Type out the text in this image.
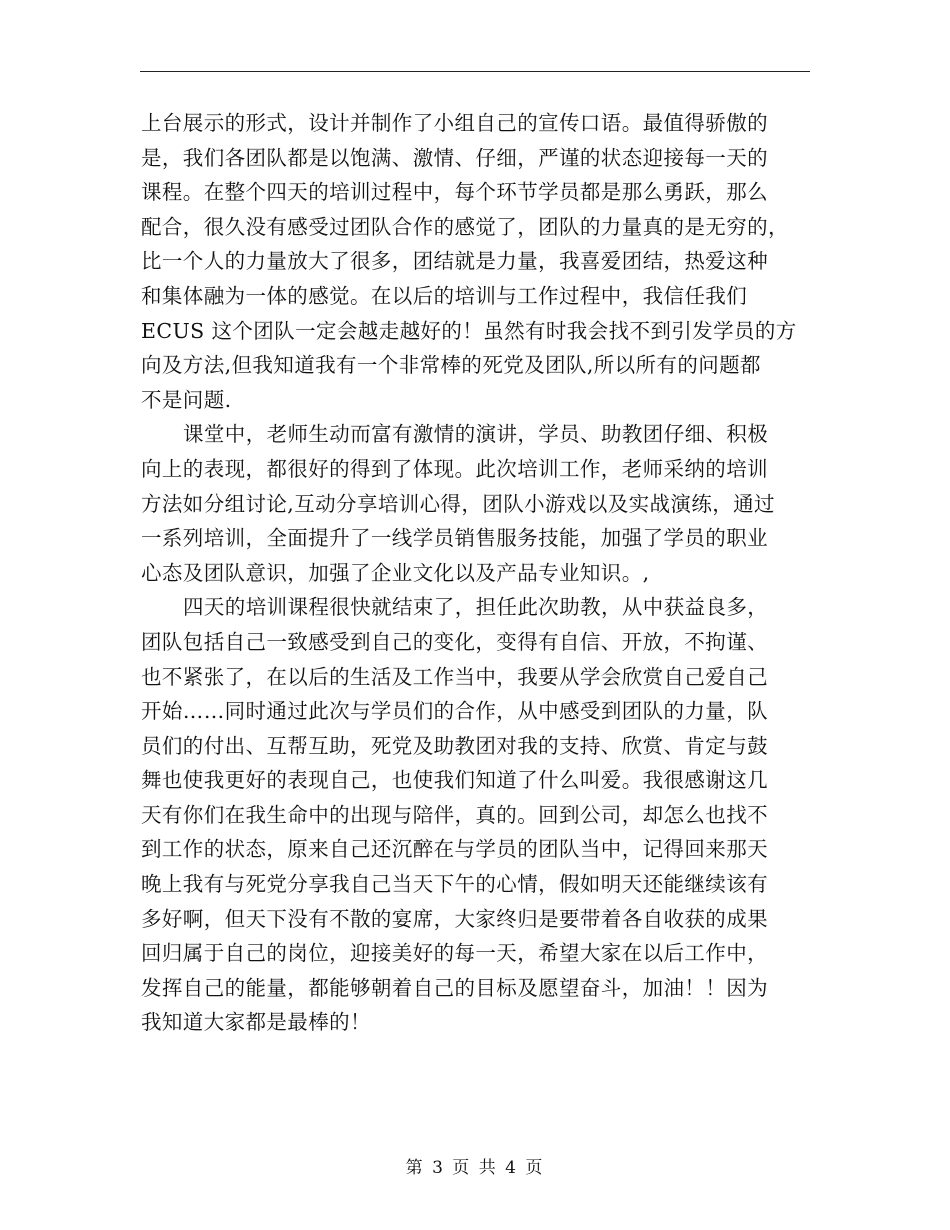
上台展示的形式，设计并制作了小组自己的宣传口语。最值得骄傲的
是，我们各团队都是以饱满、激情、仔细，严谨的状态迎接每一天的
课程。在整个四天的培训过程中，每个环节学员都是那么勇跃，那么
配合，很久没有感受过团队合作的感觉了，团队的力量真的是无穷的，
比一个人的力量放大了很多，团结就是力量，我喜爱团结，热爱这种
和集体融为一体的感觉。在以后的培训与工作过程中，我信任我们
ECUS 这个团队一定会越走越好的！虽然有时我会找不到引发学员的方
向及方法,但我知道我有一个非常棒的死党及团队,所以所有的问题都
不是问题.
课堂中，老师生动而富有激情的演讲，学员、助教团仔细、积极
向上的表现，都很好的得到了体现。此次培训工作，老师采纳的培训
方法如分组讨论,互动分享培训心得，团队小游戏以及实战演练，通过
一系列培训，全面提升了一线学员销售服务技能，加强了学员的职业
心态及团队意识，加强了企业文化以及产品专业知识。,
四天的培训课程很快就结束了，担任此次助教，从中获益良多，
团队包括自己一致感受到自己的变化，变得有自信、开放，不拘谨、
也不紧张了，在以后的生活及工作当中，我要从学会欣赏自己爱自己
开始……同时通过此次与学员们的合作，从中感受到团队的力量，队
员们的付出、互帮互助，死党及助教团对我的支持、欣赏、肯定与鼓
舞也使我更好的表现自己，也使我们知道了什么叫爱。我很感谢这几
天有你们在我生命中的出现与陪伴，真的。回到公司，却怎么也找不
到工作的状态，原来自己还沉醉在与学员的团队当中，记得回来那天
晚上我有与死党分享我自己当天下午的心情，假如明天还能继续该有
多好啊，但天下没有不散的宴席，大家终归是要带着各自收获的成果
回归属于自己的岗位，迎接美好的每一天，希望大家在以后工作中，
发挥自己的能量，都能够朝着自己的目标及愿望奋斗，加油！！因为
我知道大家都是最棒的！
第 3 页 共 4 页
